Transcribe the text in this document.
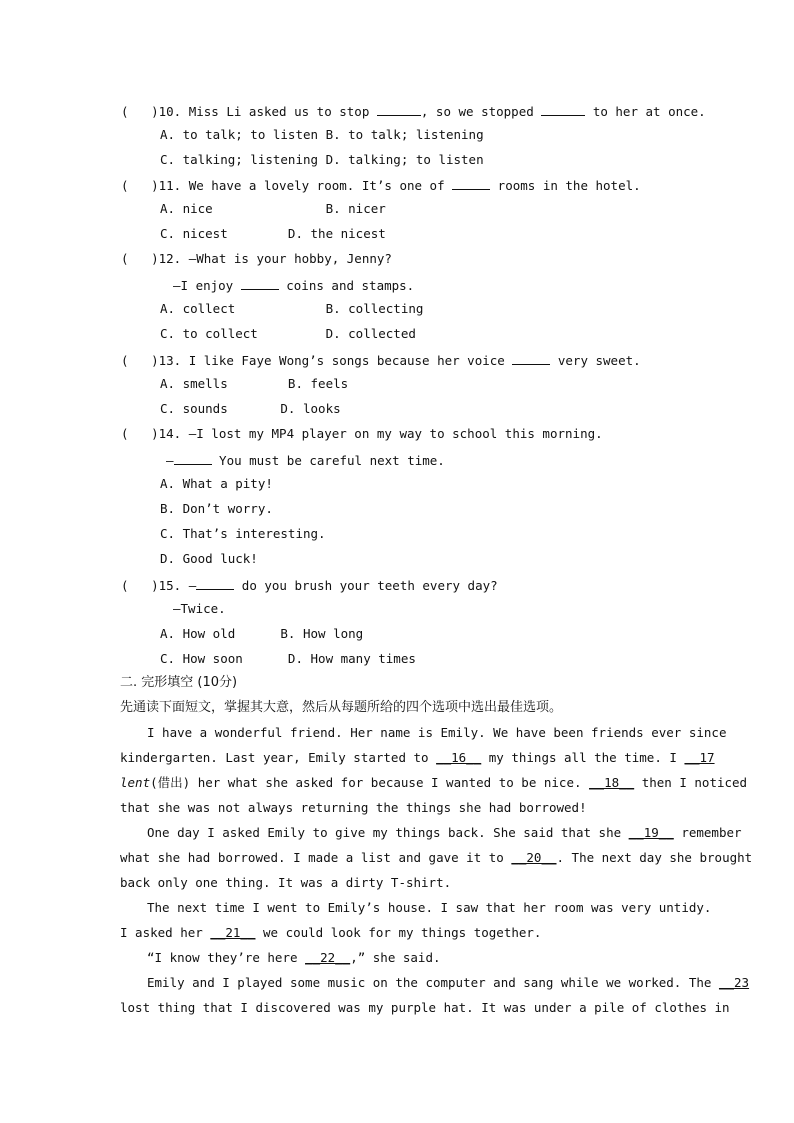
(   )10. Miss Li asked us to stop	, so we stopped	to her at once.
A. to talk; to listen B. to talk; listening
C. talking; listening D. talking; to listen
(   )11. We have a lovely room. It’s one of	rooms in the hotel.
A. nice               B. nicer
C. nicest        D. the nicest
(   )12. —What is your hobby, Jenny?
—I enjoy	coins and stamps.
A. collect            B. collecting
C. to collect         D. collected
(   )13. I like Faye Wong’s songs because her voice	very sweet.
A. smells        B. feels
C. sounds       D. looks
(   )14. —I lost my MP4 player on my way to school this morning.
—	You must be careful next time.
A. What a pity!
B. Don’t worry.
C. That’s interesting.
D. Good luck!
(   )15. —	do you brush your teeth every day?
—Twice.
A. How old      B. How long
C. How soon      D. How many times
二. 完形填空 (10分)
先通读下面短文，掌握其大意，然后从每题所给的四个选项中选出最佳选项。
I have a wonderful friend. Her name is Emily. We have been friends ever since
kindergarten. Last year, Emily started to __16__ my things all the time. I __17
lent(借出) her what she asked for because I wanted to be nice. __18__ then I noticed
that she was not always returning the things she had borrowed!
One day I asked Emily to give my things back. She said that she __19__ remember
what she had borrowed. I made a list and gave it to __20__. The next day she brought
back only one thing. It was a dirty T-shirt.
The next time I went to Emily’s house. I saw that her room was very untidy.
I asked her __21__ we could look for my things together.
“I know they’re here __22__,” she said.
Emily and I played some music on the computer and sang while we worked. The __23
lost thing that I discovered was my purple hat. It was under a pile of clothes in
